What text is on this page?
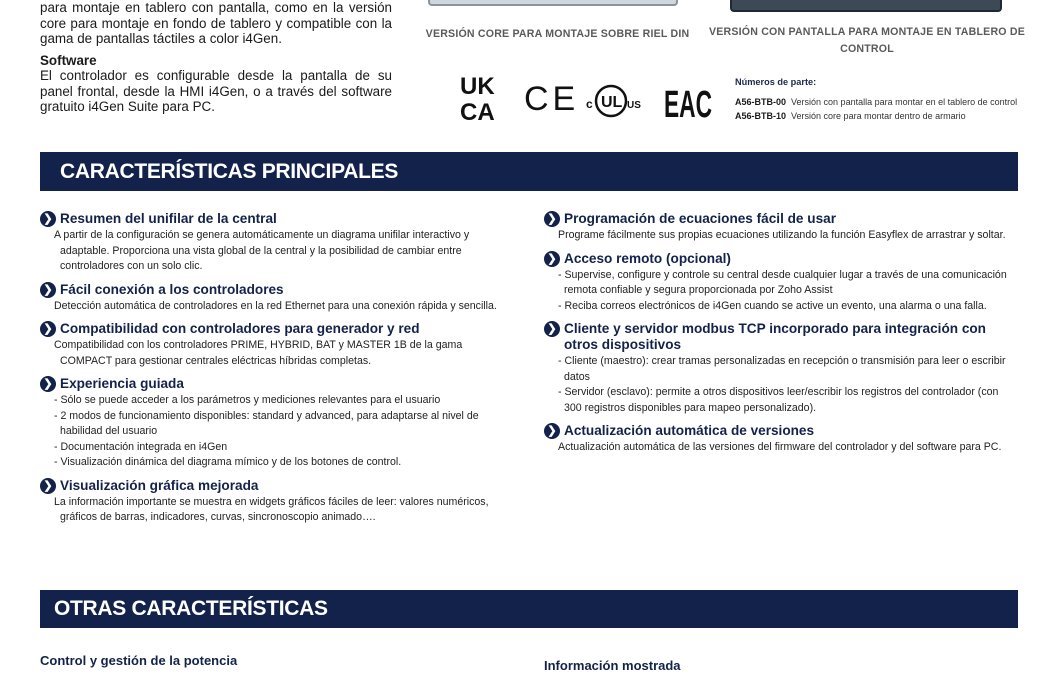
para montaje en tablero con pantalla, como en la versión core para montaje en fondo de tablero y compatible con la gama de pantallas táctiles a color i4Gen.

Software

El controlador es configurable desde la pantalla de su panel frontal, desde la HMI i4Gen, o a través del software gratuito i4Gen Suite para PC.

VERSIÓN CORE PARA MONTAJE SOBRE RIEL DIN	VERSIÓN CON PANTALLA PARA MONTAJE EN TABLERO DE CONTROL
UK
CA CE c UL US EAC
Números de parte:
A56-BTB-00 Versión con pantalla para montar en el tablero de control
A56-BTB-10 Versión core para montar dentro de armario
CARACTERÍSTICAS PRINCIPALES
❯ Resumen del unifilar de la central
A partir de la configuración se genera automáticamente un diagrama unifilar interactivo y adaptable. Proporciona una vista global de la central y la posibilidad de cambiar entre controladores con un solo clic.
❯ Fácil conexión a los controladores
Detección automática de controladores en la red Ethernet para una conexión rápida y sencilla.
❯ Compatibilidad con controladores para generador y red
Compatibilidad con los controladores PRIME, HYBRID, BAT y MASTER 1B de la gama COMPACT para gestionar centrales eléctricas híbridas completas.
❯ Experiencia guiada
- Sólo se puede acceder a los parámetros y mediciones relevantes para el usuario
- 2 modos de funcionamiento disponibles: standard y advanced, para adaptarse al nivel de habilidad del usuario
- Documentación integrada en i4Gen
- Visualización dinámica del diagrama mímico y de los botones de control.
❯ Visualización gráfica mejorada
La información importante se muestra en widgets gráficos fáciles de leer: valores numéricos, gráficos de barras, indicadores, curvas, sincronoscopio animado….
❯ Programación de ecuaciones fácil de usar
Programe fácilmente sus propias ecuaciones utilizando la función Easyflex de arrastrar y soltar.
❯ Acceso remoto (opcional)
- Supervise, configure y controle su central desde cualquier lugar a través de una comunicación remota confiable y segura proporcionada por Zoho Assist
- Reciba correos electrónicos de i4Gen cuando se active un evento, una alarma o una falla.
❯ Cliente y servidor modbus TCP incorporado para integración con otros dispositivos
- Cliente (maestro): crear tramas personalizadas en recepción o transmisión para leer o escribir datos
- Servidor (esclavo): permite a otros dispositivos leer/escribir los registros del controlador (con 300 registros disponibles para mapeo personalizado).
❯ Actualización automática de versiones
Actualización automática de las versiones del firmware del controlador y del software para PC.
OTRAS CARACTERÍSTICAS
Control y gestión de la potencia	Información mostrada
